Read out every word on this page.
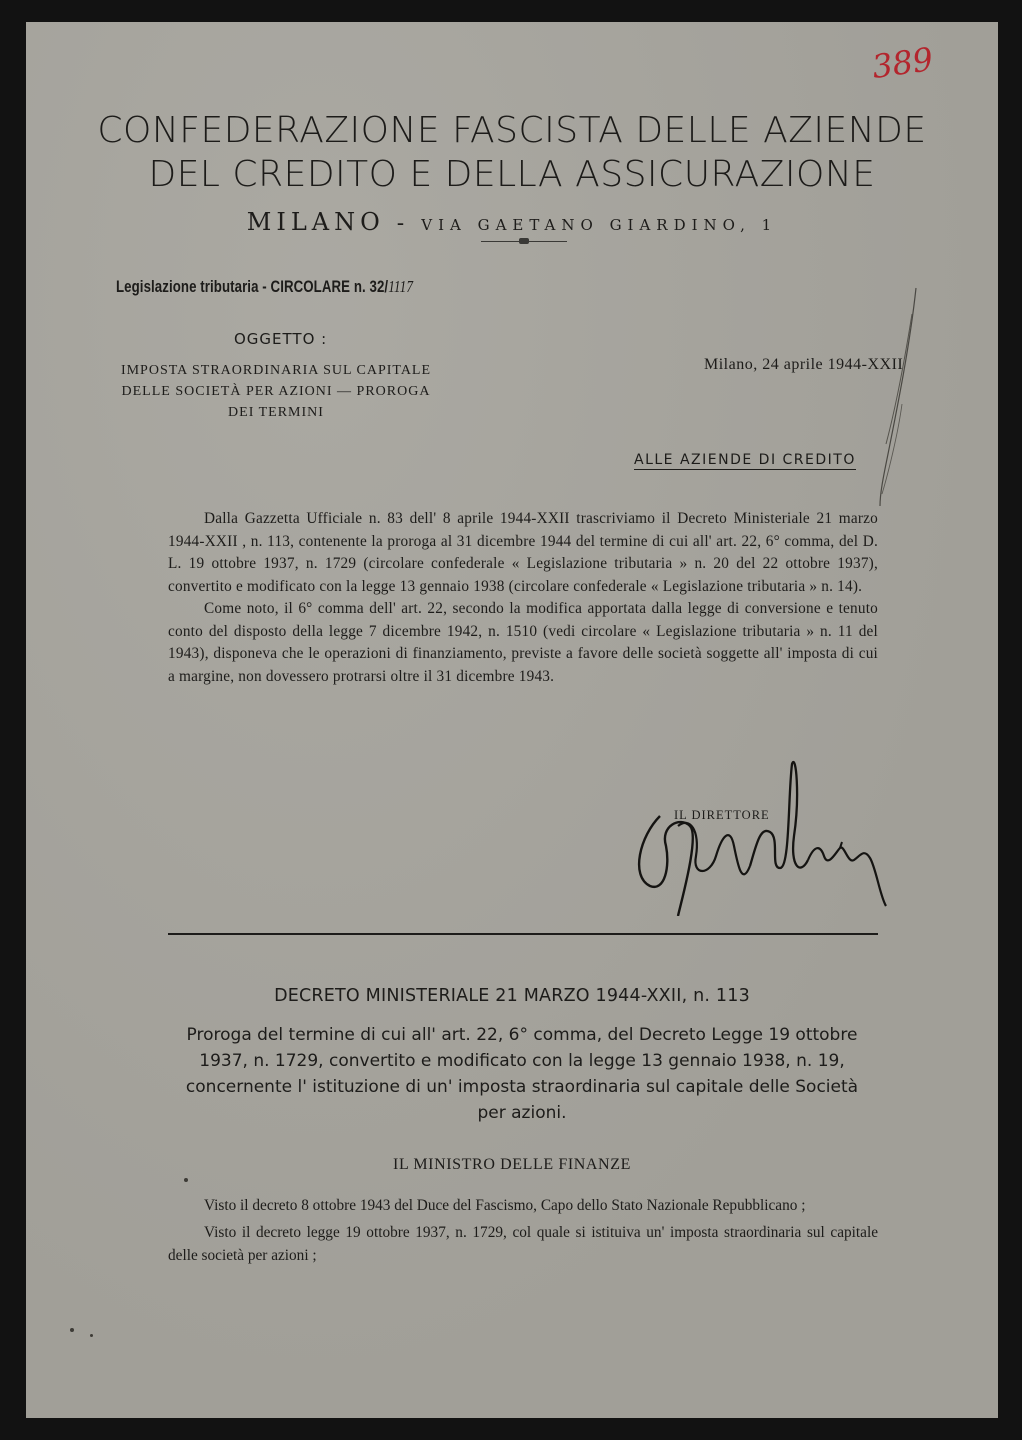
389
CONFEDERAZIONE FASCISTA DELLE AZIENDE
DEL CREDITO E DELLA ASSICURAZIONE
MILANO - VIA GAETANO GIARDINO, 1
Legislazione tributaria - CIRCOLARE n. 32/1117
OGGETTO :
IMPOSTA STRAORDINARIA SUL CAPITALE
DELLE SOCIETÀ PER AZIONI — PROROGA
DEI TERMINI
Milano, 24 aprile 1944-XXII
ALLE AZIENDE DI CREDITO

Dalla Gazzetta Ufficiale n. 83 dell' 8 aprile 1944-XXII trascriviamo il Decreto Ministeriale 21 marzo 1944-XXII , n. 113, contenente la proroga al 31 dicembre 1944 del termine di cui all' art. 22, 6° comma, del D. L. 19 ottobre 1937, n. 1729 (circolare confederale « Legislazione tributaria » n. 20 del 22 ottobre 1937), convertito e modificato con la legge 13 gennaio 1938 (circolare confederale « Legislazione tributaria » n. 14).

Come noto, il 6° comma dell' art. 22, secondo la modifica apportata dalla legge di conversione e tenuto conto del disposto della legge 7 dicembre 1942, n. 1510 (vedi circolare « Legislazione tributaria » n. 11 del 1943), disponeva che le operazioni di finanziamento, previste a favore delle società soggette all' imposta di cui a margine, non dovessero protrarsi oltre il 31 dicembre 1943.

IL DIRETTORE
DECRETO MINISTERIALE 21 MARZO 1944-XXII, n. 113
Proroga del termine di cui all' art. 22, 6° comma, del Decreto Legge 19 ottobre 1937, n. 1729, convertito e modificato con la legge 13 gennaio 1938, n. 19, concernente l' istituzione di un' imposta straordinaria sul capitale delle Società per azioni.
IL MINISTRO DELLE FINANZE

Visto il decreto 8 ottobre 1943 del Duce del Fascismo, Capo dello Stato Nazionale Repubblicano ;

Visto il decreto legge 19 ottobre 1937, n. 1729, col quale si istituiva un' imposta straordinaria sul capitale delle società per azioni ;
